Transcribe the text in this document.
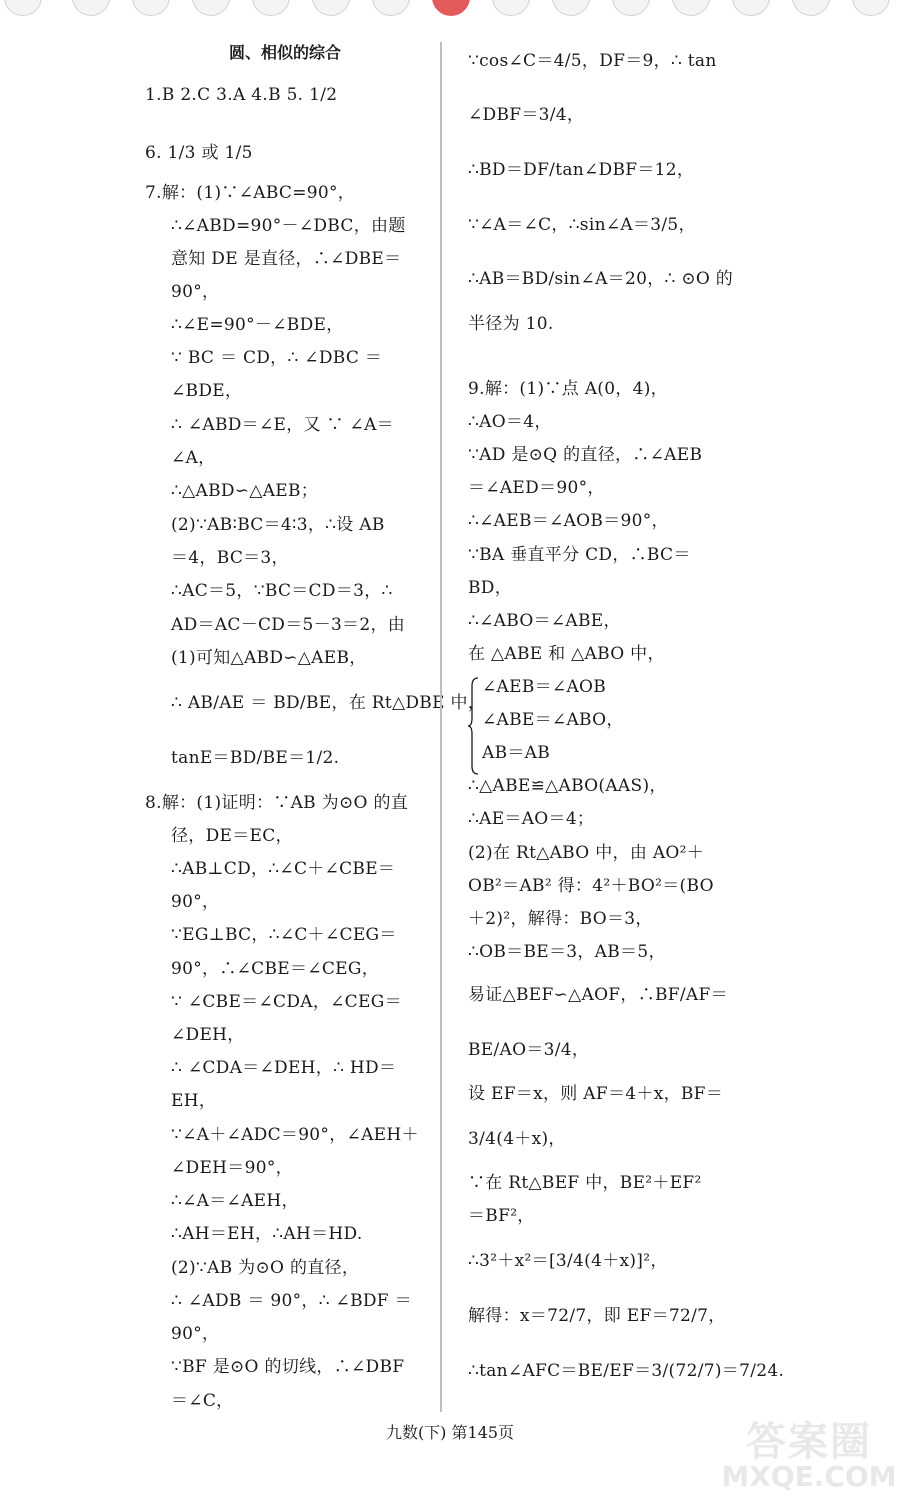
圆、相似的综合
1.B 2.C 3.A 4.B 5. 1/2
6. 1/3 或 1/5
7.解：(1)∵∠ABC=90°，
∴∠ABD=90°－∠DBC，由题
意知 DE 是直径，∴∠DBE＝
90°，
∴∠E=90°－∠BDE，
∵ BC ＝ CD，∴ ∠DBC ＝
∠BDE，
∴ ∠ABD＝∠E，又 ∵ ∠A＝
∠A，
∴△ABD∽△AEB；
(2)∵AB∶BC＝4∶3，∴设 AB
＝4，BC＝3，
∴AC＝5，∵BC＝CD＝3，∴
AD＝AC－CD＝5－3＝2，由
(1)可知△ABD∽△AEB，
∴ AB/AE ＝ BD/BE，在 Rt△DBE 中，
tanE＝BD/BE＝1/2.
8.解：(1)证明：∵AB 为⊙O 的直
径，DE＝EC，
∴AB⊥CD，∴∠C＋∠CBE＝
90°，
∵EG⊥BC，∴∠C＋∠CEG＝
90°，∴∠CBE＝∠CEG，
∵ ∠CBE＝∠CDA，∠CEG＝
∠DEH，
∴ ∠CDA＝∠DEH，∴ HD＝
EH，
∵∠A＋∠ADC＝90°，∠AEH＋
∠DEH＝90°，
∴∠A＝∠AEH，
∴AH＝EH，∴AH＝HD.
(2)∵AB 为⊙O 的直径，
∴ ∠ADB ＝ 90°，∴ ∠BDF ＝
90°，
∵BF 是⊙O 的切线，∴∠DBF
＝∠C，
∵cos∠C＝4/5，DF＝9，∴ tan
∠DBF＝3/4，
∴BD＝DF/tan∠DBF＝12，
∵∠A＝∠C，∴sin∠A＝3/5，
∴AB＝BD/sin∠A＝20，∴ ⊙O 的
半径为 10.
9.解：(1)∵点 A(0，4)，
∴AO＝4，
∵AD 是⊙Q 的直径，∴∠AEB
＝∠AED＝90°，
∴∠AEB＝∠AOB＝90°，
∵BA 垂直平分 CD，∴BC＝
BD，
∴∠ABO＝∠ABE，
在 △ABE 和 △ABO 中，
∠AEB＝∠AOB
∠ABE＝∠ABO，
AB＝AB
∴△ABE≌△ABO(AAS)，
∴AE＝AO＝4；
(2)在 Rt△ABO 中，由 AO²＋
OB²＝AB² 得：4²＋BO²＝(BO
＋2)²，解得：BO＝3，
∴OB＝BE＝3，AB＝5，
易证△BEF∽△AOF，∴BF/AF＝
BE/AO＝3/4，
设 EF＝x，则 AF＝4＋x，BF＝
3/4(4＋x)，
∵在 Rt△BEF 中，BE²＋EF²
＝BF²，
∴3²＋x²＝[3/4(4＋x)]²，
解得：x＝72/7，即 EF＝72/7，
∴tan∠AFC＝BE/EF＝3/(72/7)＝7/24.
九数(下) 第145页	答案圈
MXQE.COM
